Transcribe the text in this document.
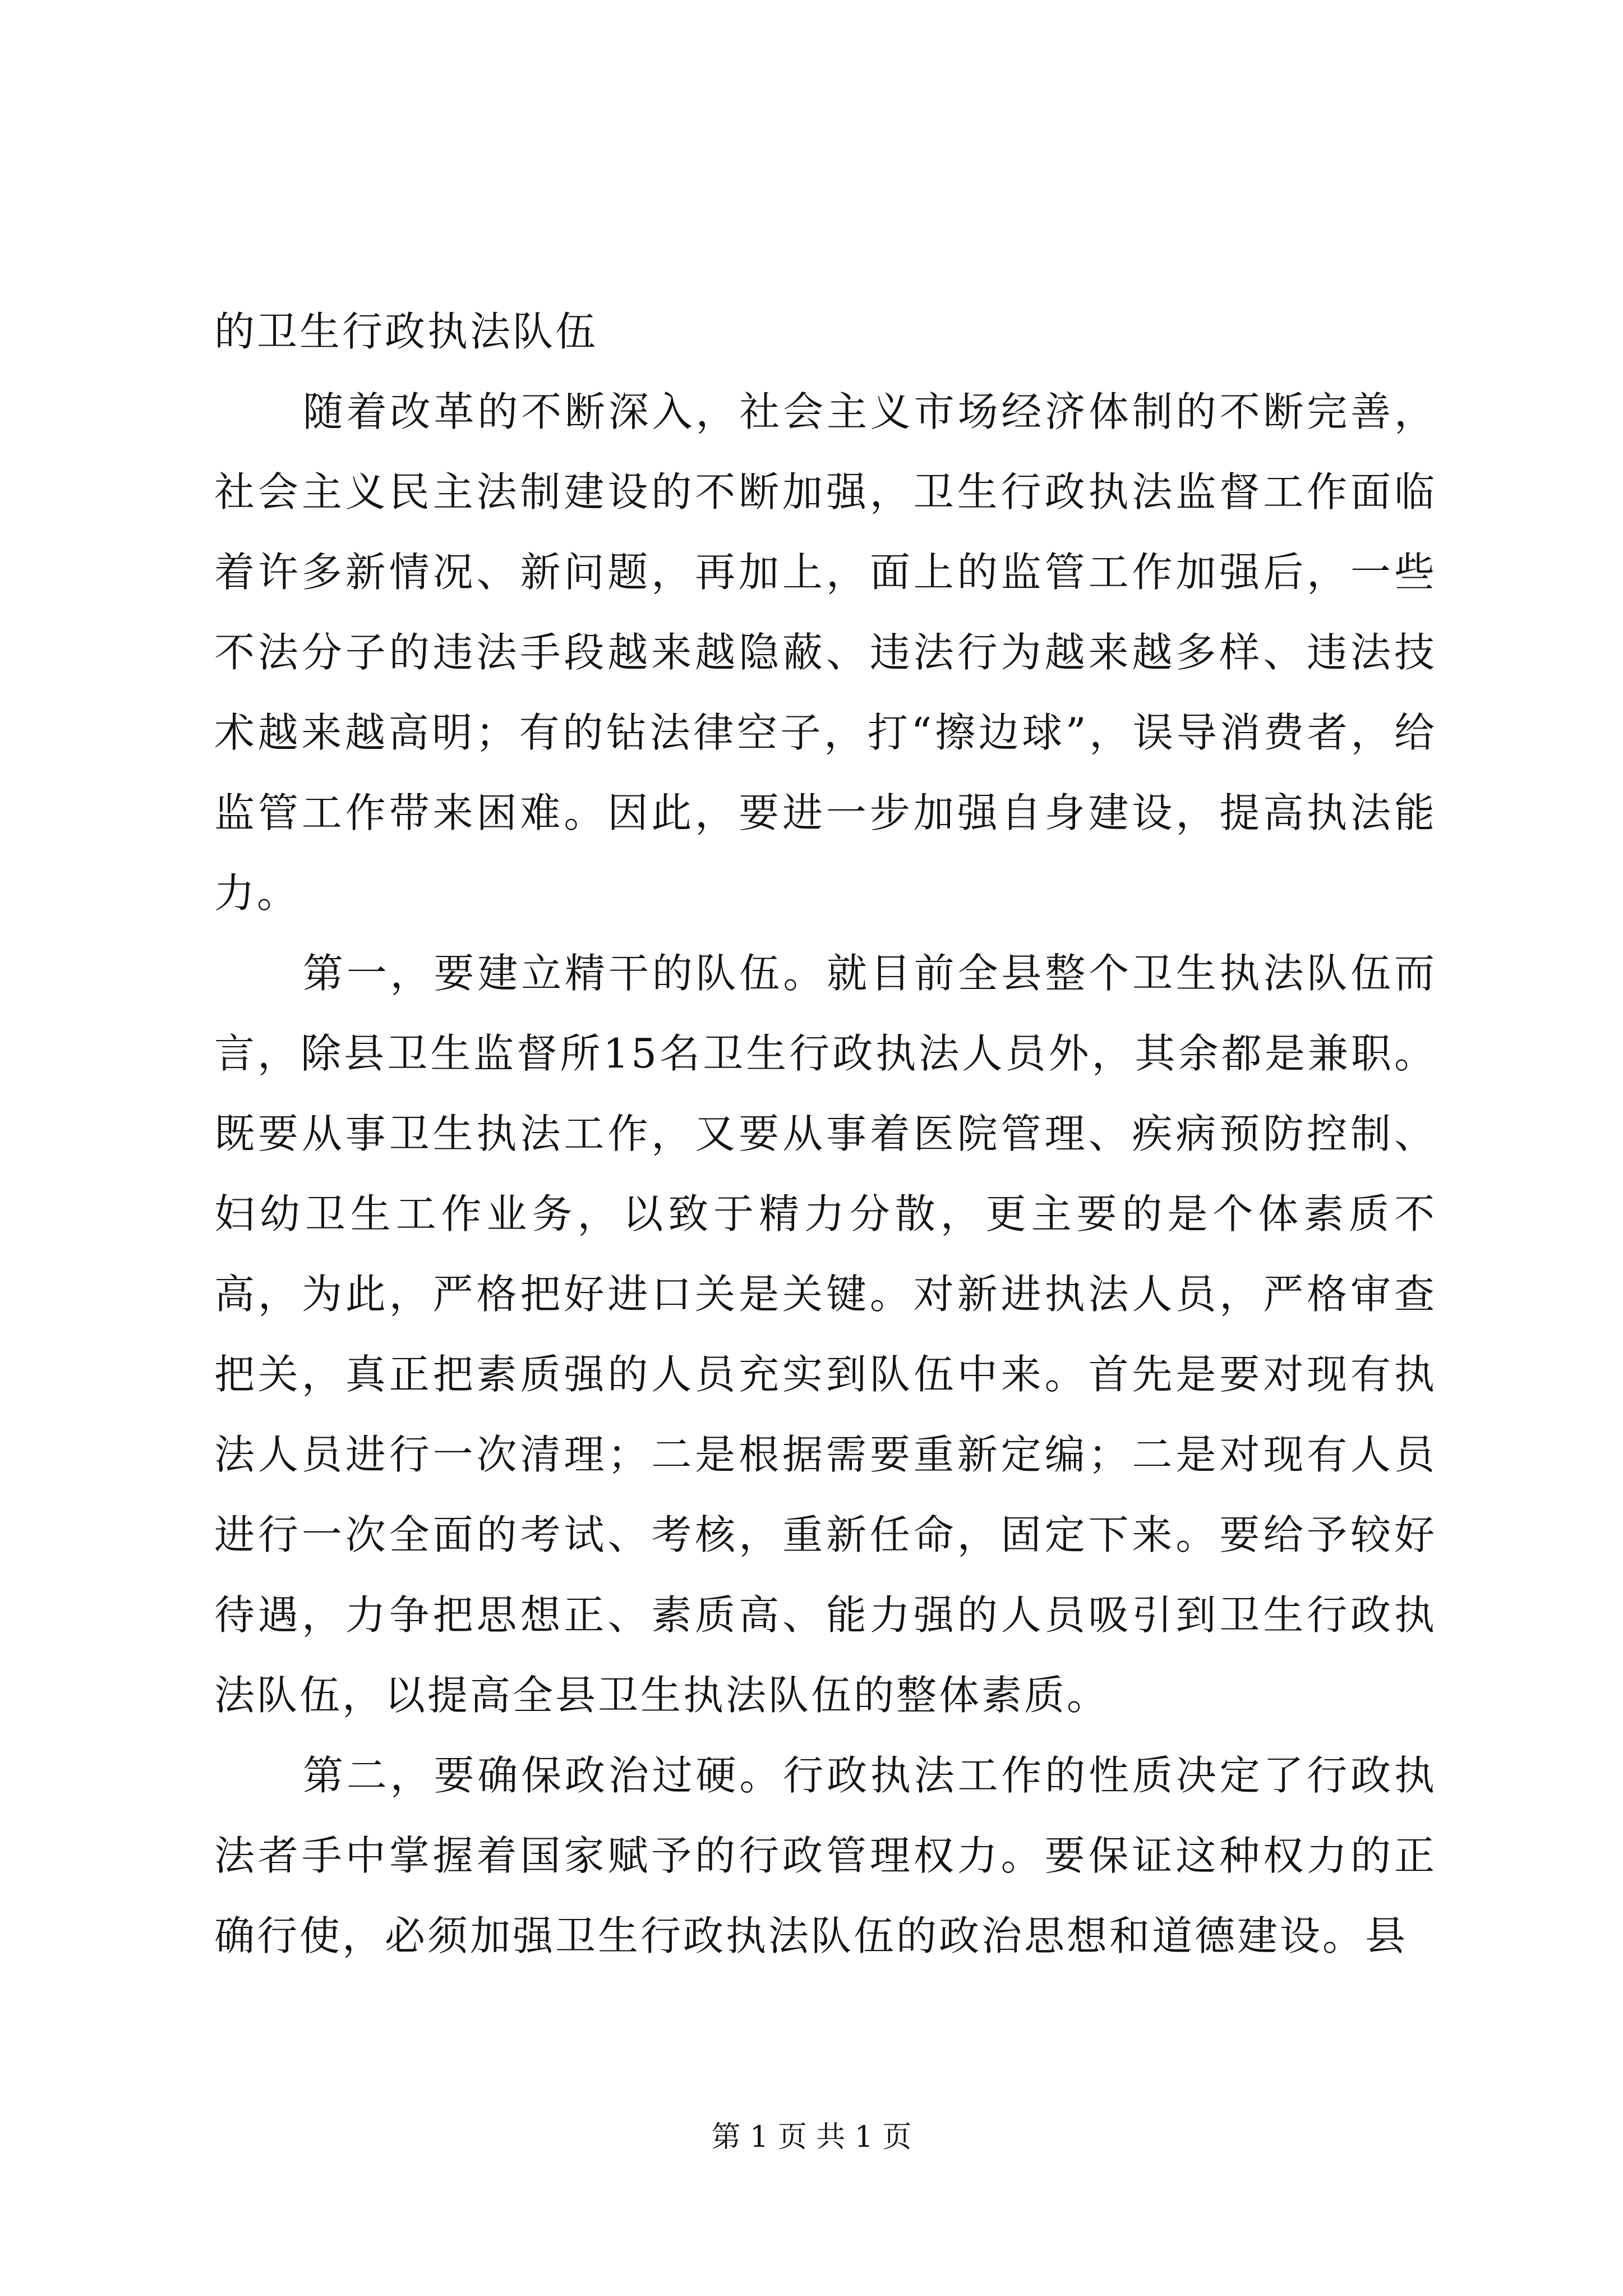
的卫生行政执法队伍

随着改革的不断深入，社会主义市场经济体制的不断完善，社会主义民主法制建设的不断加强，卫生行政执法监督工作面临着许多新情况、新问题，再加上，面上的监管工作加强后，一些不法分子的违法手段越来越隐蔽、违法行为越来越多样、违法技术越来越高明；有的钻法律空子，打“擦边球”，误导消费者，给监管工作带来困难。因此，要进一步加强自身建设，提高执法能力。

第一，要建立精干的队伍。就目前全县整个卫生执法队伍而言，除县卫生监督所15名卫生行政执法人员外，其余都是兼职。既要从事卫生执法工作，又要从事着医院管理、疾病预防控制、妇幼卫生工作业务，以致于精力分散，更主要的是个体素质不高，为此，严格把好进口关是关键。对新进执法人员，严格审查把关，真正把素质强的人员充实到队伍中来。首先是要对现有执法人员进行一次清理；二是根据需要重新定编；二是对现有人员进行一次全面的考试、考核，重新任命，固定下来。要给予较好待遇，力争把思想正、素质高、能力强的人员吸引到卫生行政执法队伍，以提高全县卫生执法队伍的整体素质。

第二，要确保政治过硬。行政执法工作的性质决定了行政执法者手中掌握着国家赋予的行政管理权力。要保证这种权力的正确行使，必须加强卫生行政执法队伍的政治思想和道德建设。县

第 1 页 共 1 页
